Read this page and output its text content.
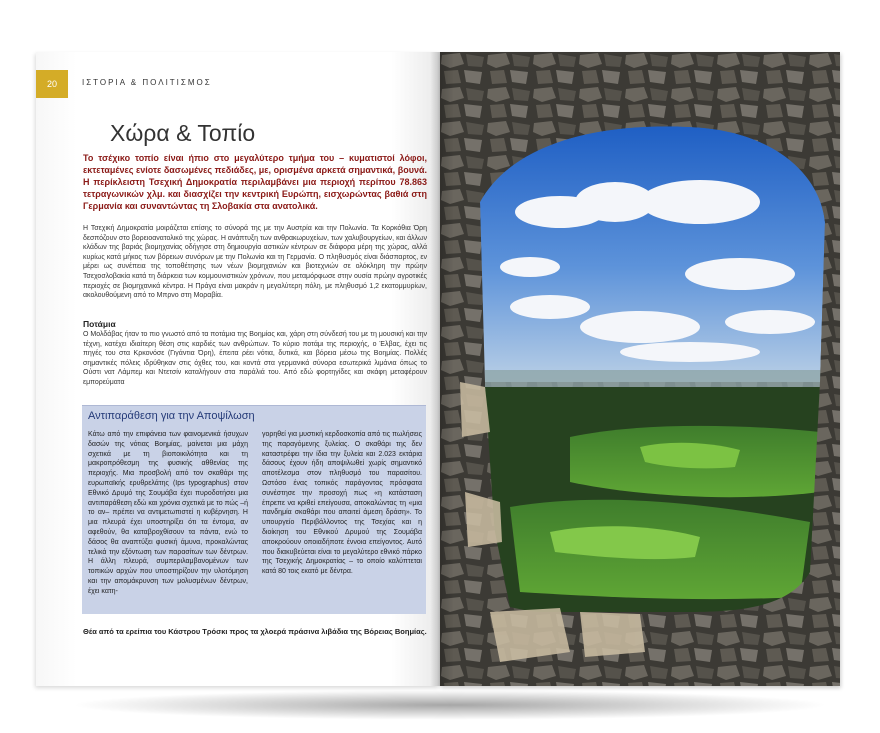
20	ΙΣΤΟΡΙΑ & ΠΟΛΙΤΙΣΜΟΣ
Χώρα & Τοπίο

Το τσέχικο τοπίο είναι ήπιο στο μεγαλύτερο τμήμα του – κυματιστοί λόφοι, εκτεταμένες ενίοτε δασωμένες πεδιάδες, με, ορισμένα αρκετά σημαντικά, βουνά. Η περίκλειστη Τσεχική Δημοκρατία περιλαμβάνει μια περιοχή περίπου 78.863 τετραγωνικών χλμ. και διασχίζει την κεντρική Ευρώπη, εισχωρώντας βαθιά στη Γερμανία και συναντώντας τη Σλοβακία στα ανατολικά.

Η Τσεχική Δημοκρατία μοιράζεται επίσης το σύνορά της με την Αυστρία και την Πολωνία. Τα Κορκόθια Όρη δεσπόζουν στο βορειοανατολικό της χώρας. Η ανάπτυξη των ανθρακωρυχείων, των χαλυβουργείων, και άλλων κλάδων της βαριάς βιομηχανίας οδήγησε στη δημιουργία αστικών κέντρων σε διάφορα μέρη της χώρας, αλλά κυρίως κατά μήκος των βόρειων συνόρων με την Πολωνία και τη Γερμανία. Ο πληθυσμός είναι διάσπαρτος, εν μέρει ως συνέπεια της τοποθέτησης των νέων βιομηχανιών και βιοτεχνιών σε ολόκληρη την πρώην Τσεχοσλοβακία κατά τη διάρκεια των κομμουνιστικών χρόνων, που μεταμόρφωσε στην ουσία πρώην αγροτικές περιοχές σε βιομηχανικά κέντρα. Η Πράγα είναι μακράν η μεγαλύτερη πόλη, με πληθυσμό 1,2 εκατομμυρίων, ακολουθούμενη από το Μπρνο στη Μοραβία.

Ποτάμια

Ο Μολδάβας ήταν το πιο γνωστό από τα ποτάμια της Βοημίας και, χάρη στη σύνδεσή του με τη μουσική και την τέχνη, κατέχει ιδιαίτερη θέση στις καρδιές των ανθρώπων. Το κύριο ποτάμι της περιοχής, ο Έλβας, έχει τις πηγές του στα Κρκονόσε (Γιγάντια Όρη), έπειτα ρέει νότια, δυτικά, και βόρεια μέσω της Βοημίας. Πολλές σημαντικές πόλεις ιδρύθηκαν στις όχθες του, και κοντά στα γερμανικά σύνορα εσωτερικά λιμάνια όπως το Ούστι νατ Λάμπεμ και Ντετσίν καταλήγουν στα παράλιά του. Από εδώ φορτηγίδες και σκάφη μεταφέρουν εμπορεύματα

Αντιπαράθεση για την Αποψίλωση

Κάτω από την επιφάνεια των φαινομενικά ήσυχων δασών της νότιας Βοημίας, μαίνεται μια μάχη σχετικά με τη βιοποικιλότητα και τη μακροπρόθεσμη της φυσικής αθθενίας της περιοχής. Μια προσβολή από τον σκαθάρι της ευρωπαϊκής ερυθρελάτης (Ips typographus) στον Εθνικό Δρυμό της Σουμάβα έχει πυροδοτήσει μια αντιπαράθεση εδώ και χρόνια σχετικά με το πώς –ή το αν– πρέπει να αντιμετωπιστεί η κυβέρνηση. Η μια πλευρά έχει υποστηρίξει ότι τα έντομα, αν αφεθούν, θα καταβροχθίσουν τα πάντα, ενώ το δάσος θα αναπτύξει φυσική άμυνα, προκαλώντας τελικά την εξόντωση των παρασίτων των δέντρων. Η άλλη πλευρά, συμπεριλαμβανομένων των τοπικών αρχών που υποστηρίζουν την υλοτόμηση και την απομάκρυνση των μολυσμένων δέντρων, έχει κατη-

γορηθεί για μυστική κερδοσκοπία από τις πωλήσεις της παραγόμενης ξυλείας. Ο σκαθάρι της δεν καταστρέφει την ίδια την ξυλεία και 2.023 εκτάρια δάσους έχουν ήδη αποψιλωθεί χωρίς σημαντικό αποτέλεσμα στον πληθυσμό του παρασίτου. Ωστόσο ένας τοπικός παράγοντας πρόσφατα συνέστησε την προσοχή πως «η κατάσταση έπρεπε να κριθεί επείγουσα, αποκαλώντας τη «μια πανδημία σκαθάρι που απαιτεί άμεση δράση». Το υπουργείο Περιβάλλοντος της Τσεχίας και η διοίκηση του Εθνικού Δρυμού της Σουμάβα αποκρούουν οποιαδήποτε έννοια επείγοντος. Αυτό που διακυβεύεται είναι το μεγαλύτερο εθνικό πάρκο της Τσεχικής Δημοκρατίας – το οποίο καλύπτεται κατά 80 τοις εκατό με δέντρα.

Θέα από τα ερείπια του Κάστρου Τρόσκι προς τα χλοερά πράσινα λιβάδια της Βόρειας Βοημίας.
